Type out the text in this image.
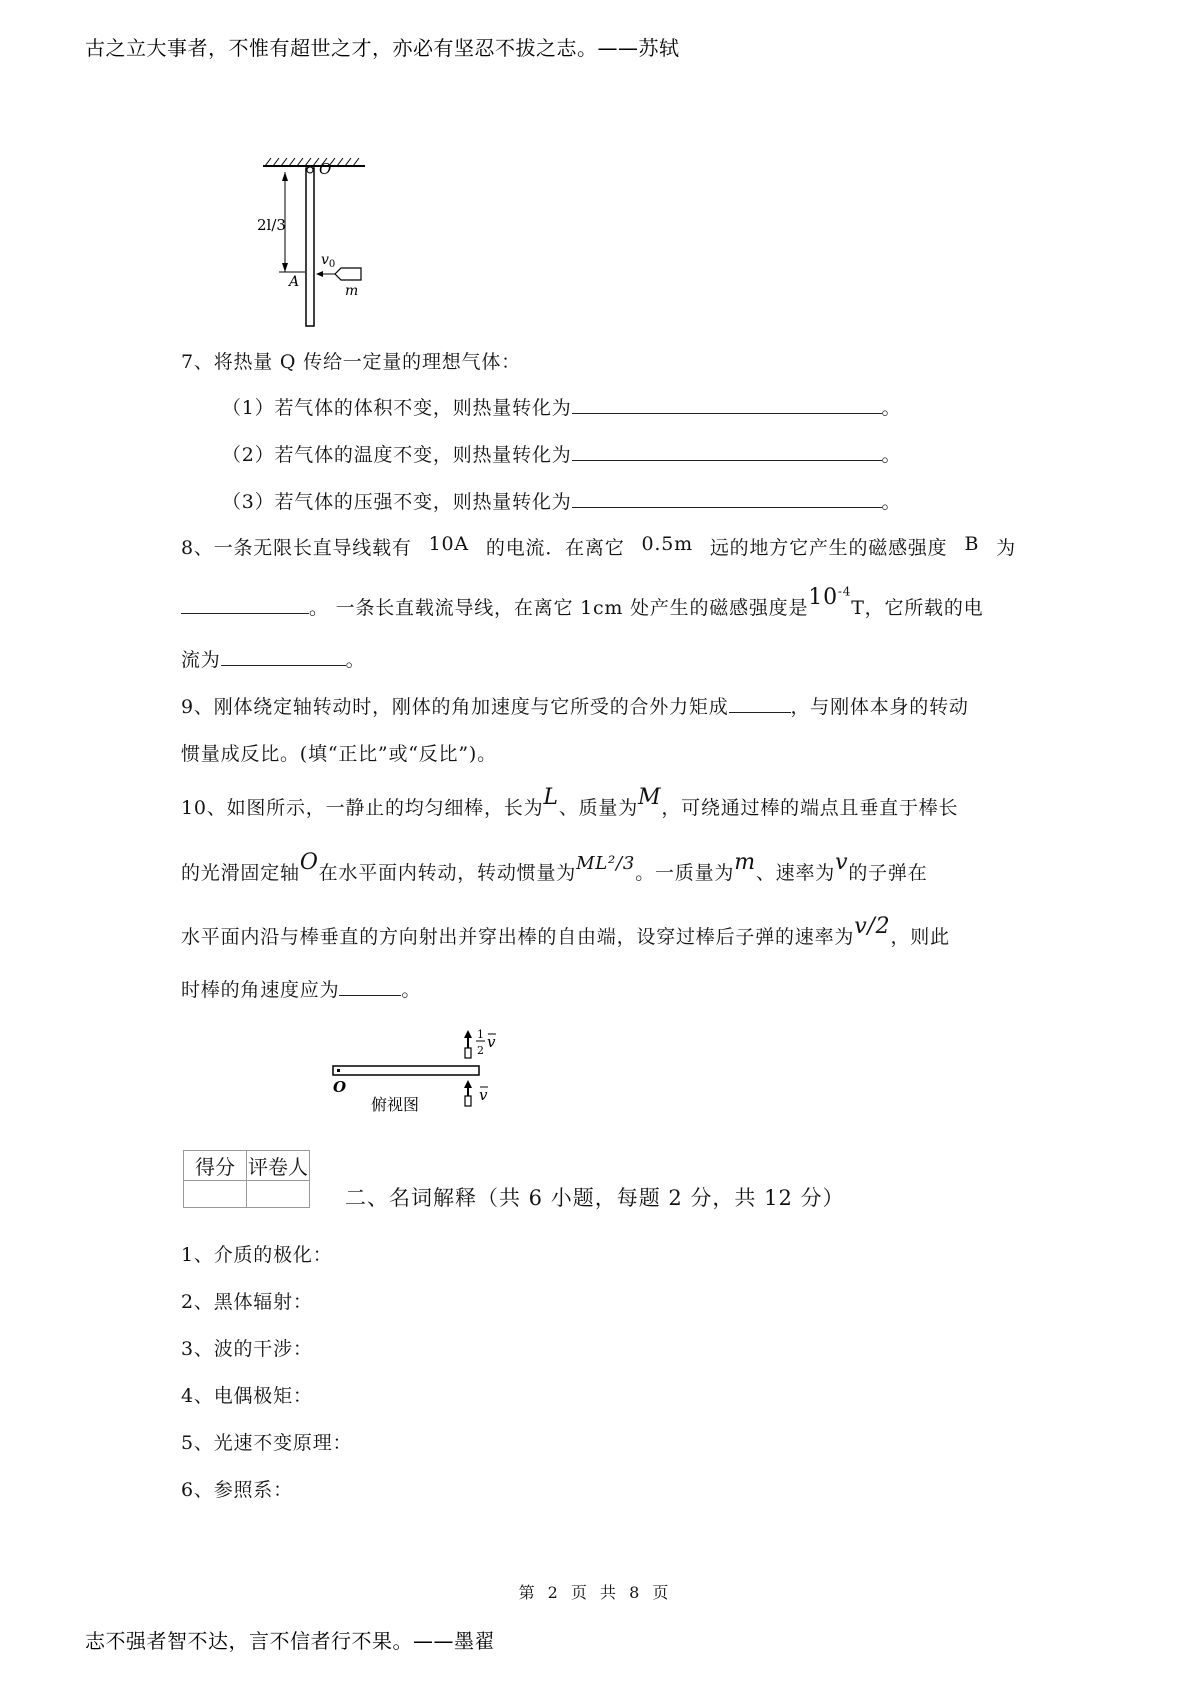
古之立大事者，不惟有超世之才，亦必有坚忍不拔之志。——苏轼
O
2l/3
$v_0$
A
m
7、将热量 Q 传给一定量的理想气体：
（1）若气体的体积不变，则热量转化为	。
（2）若气体的温度不变，则热量转化为	。
（3）若气体的压强不变，则热量转化为	。
8、一条无限长直导线载有 10A 的电流．在离它 0.5m 远的地方它产生的磁感强度 B 为
。 一条长直载流导线，在离它 1cm 处产生的磁感强度是$10^{-4}T$，它所载的电
流为	。
9、刚体绕定轴转动时，刚体的角加速度与它所受的合外力矩成	，与刚体本身的转动
惯量成反比。(填“正比”或“反比”)。
10、如图所示，一静止的均匀细棒，长为L、质量为M，可绕通过棒的端点且垂直于棒长
的光滑固定轴O在水平面内转动，转动惯量为ML²/3。一质量为m、速率为v的子弹在
水平面内沿与棒垂直的方向射出并穿出棒的自由端，设穿过棒后子弹的速率为v/2，则此
时棒的角速度应为	。
O
1
2 v
v
俯视图
得分	评卷人

二、名词解释（共 6 小题，每题 2 分，共 12 分）
1、介质的极化：
2、黑体辐射：
3、波的干涉：
4、电偶极矩：
5、光速不变原理：
6、参照系：
第 2 页 共 8 页
志不强者智不达，言不信者行不果。——墨翟
